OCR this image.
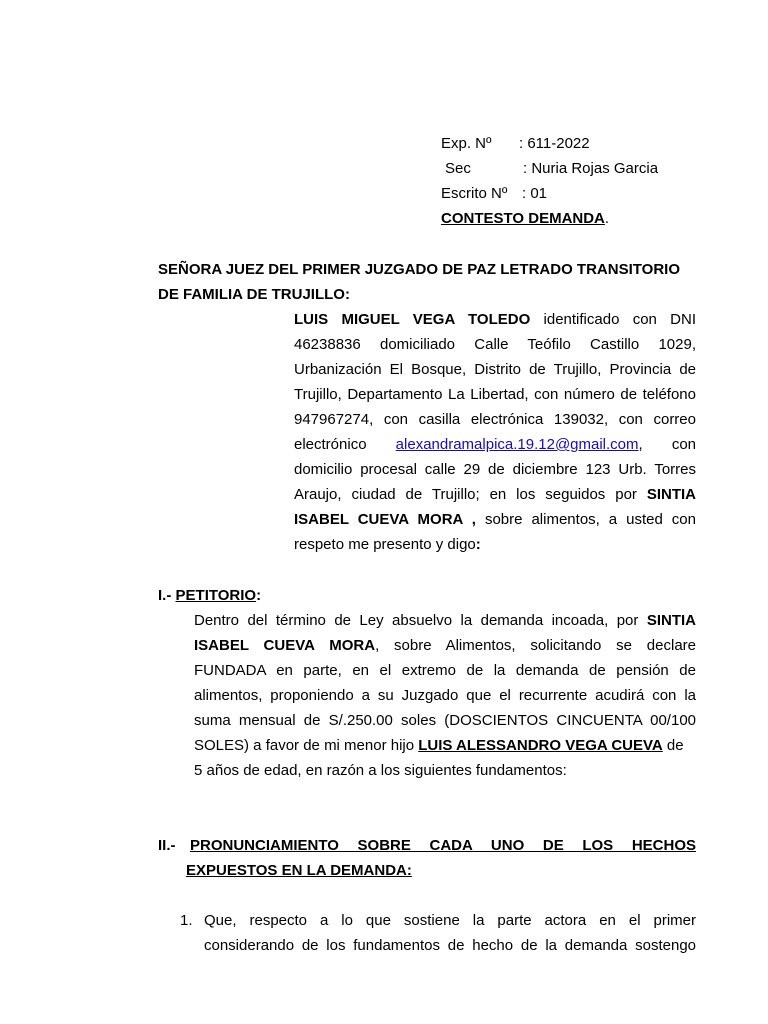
Exp. Nº : 611-2022
Sec	: Nuria Rojas Garcia
Escrito Nº : 01
CONTESTO DEMANDA.
SEÑORA JUEZ DEL PRIMER JUZGADO DE PAZ LETRADO TRANSITORIO
DE FAMILIA DE TRUJILLO:
LUIS MIGUEL VEGA TOLEDO identificado con DNI
46238836 domiciliado Calle Teófilo Castillo 1029,
Urbanización El Bosque, Distrito de Trujillo, Provincia de
Trujillo, Departamento La Libertad, con número de teléfono
947967274, con casilla electrónica 139032, con correo
electrónico alexandramalpica.19.12@gmail.com, con
domicilio procesal calle 29 de diciembre 123 Urb. Torres
Araujo, ciudad de Trujillo; en los seguidos por SINTIA
ISABEL CUEVA MORA , sobre alimentos, a usted con
respeto me presento y digo:
I.- PETITORIO:
Dentro del término de Ley absuelvo la demanda incoada, por SINTIA
ISABEL CUEVA MORA, sobre Alimentos, solicitando se declare
FUNDADA en parte, en el extremo de la demanda de pensión de
alimentos, proponiendo a su Juzgado que el recurrente acudirá con la
suma mensual de S/.250.00 soles (DOSCIENTOS CINCUENTA 00/100
SOLES) a favor de mi menor hijo LUIS ALESSANDRO VEGA CUEVA de
5 años de edad, en razón a los siguientes fundamentos:
II.- PRONUNCIAMIENTO SOBRE CADA UNO DE LOS HECHOS
EXPUESTOS EN LA DEMANDA:
1. Que, respecto a lo que sostiene la parte actora en el primer
considerando de los fundamentos de hecho de la demanda sostengo
